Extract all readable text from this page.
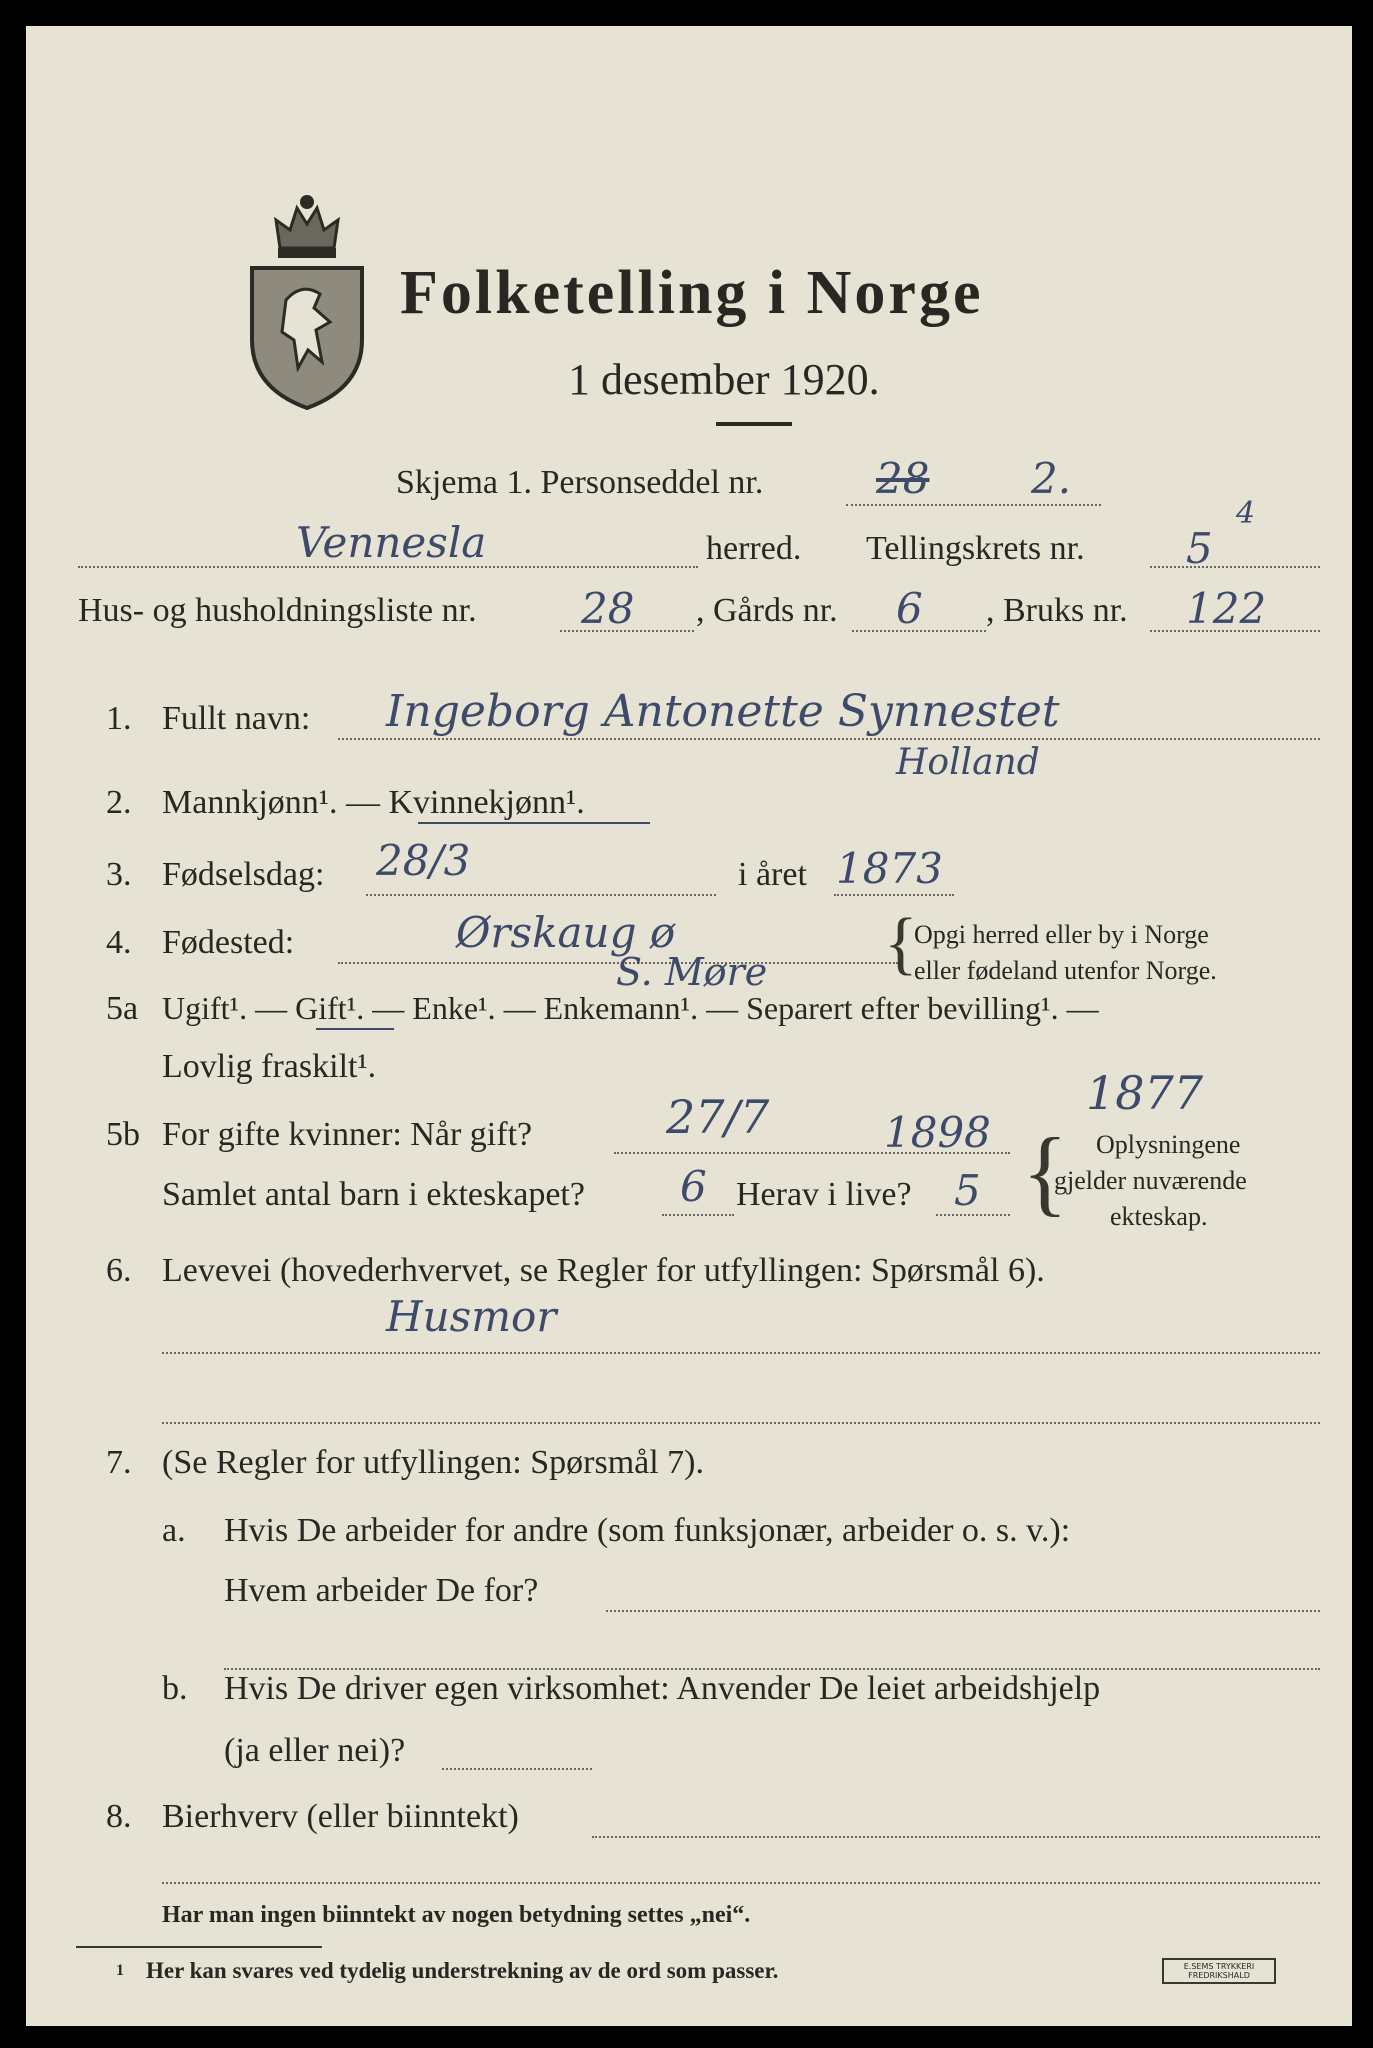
Folketelling i Norge
1 desember 1920.
Skjema 1. Personseddel nr.	28 2.
Vennesla	herred. Tellingskrets nr. 5
4
Hus- og husholdningsliste nr. 28 , Gårds nr. 6 , Bruks nr. 122
1. Fullt navn: Ingeborg Antonette Synnestet
Holland
2. Mannkjønn¹. — Kvinnekjønn¹.
3. Fødselsdag: 28/3	i året 1873
4. Fødested:	Ørskaug ø
S. Møre {
Opgi herred eller by i Norge
eller fødeland utenfor Norge.
5a Ugift¹. — Gift¹. — Enke¹. — Enkemann¹. — Separert efter bevilling¹. —
Lovlig fraskilt¹.
5b For gifte kvinner: Når gift?	27/7	1898
1877
Samlet antal barn i ekteskapet? 6 Herav i live? 5 { Oplysningene
gjelder nuværende
ekteskap.
6. Levevei (hovederhvervet, se Regler for utfyllingen: Spørsmål 6).
Husmor
7. (Se Regler for utfyllingen: Spørsmål 7).
a. Hvis De arbeider for andre (som funksjonær, arbeider o. s. v.):
Hvem arbeider De for?
b. Hvis De driver egen virksomhet: Anvender De leiet arbeidshjelp
(ja eller nei)?
8. Bierhverv (eller biinntekt)
Har man ingen biinntekt av nogen betydning settes „nei“.
1 Her kan svares ved tydelig understrekning av de ord som passer.	E.SEMS TRYKKERI
FREDRIKSHALD
